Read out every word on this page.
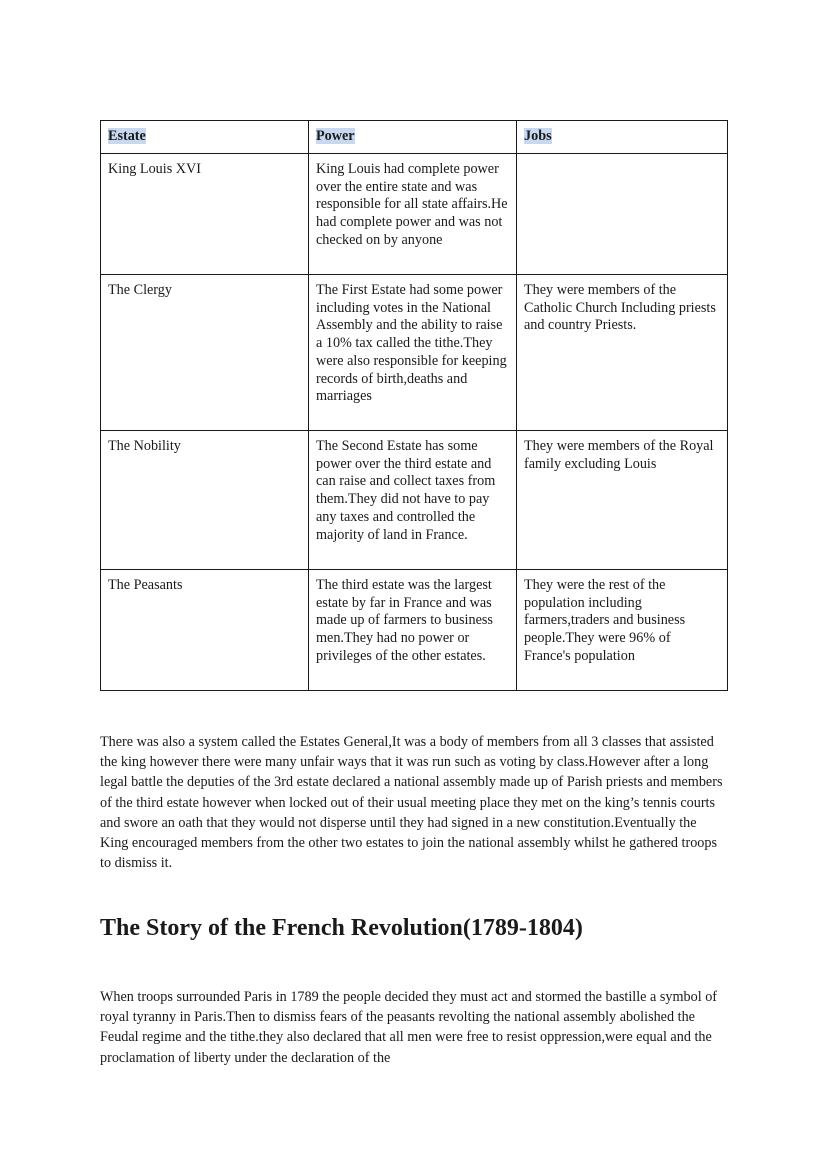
Estate	Power	Jobs
King Louis XVI	King Louis had complete power over the entire state and was responsible for all state affairs.He had complete power and was not checked on by anyone	
The Clergy	The First Estate had some power including votes in the National Assembly and the ability to raise a 10% tax called the tithe.They were also responsible for keeping records of birth,deaths and marriages	They were members of the Catholic Church Including priests and country Priests.
The Nobility	The Second Estate has some power over the third estate and can raise and collect taxes from them.They did not have to pay any taxes and controlled the majority of land in France.	They were members of the Royal family excluding Louis
The Peasants	The third estate was the largest estate by far in France and was made up of farmers to business men.They had no power or privileges of the other estates.	They were the rest of the population including farmers,traders and business people.They were 96% of France's population

There was also a system called the Estates General,It was a body of members from all 3 classes that assisted the king however there were many unfair ways that it was run such as voting by class.However after a long legal battle the deputies of the 3rd estate declared a national assembly made up of Parish priests and members of the third estate however when locked out of their usual meeting place they met on the king’s tennis courts and swore an oath that they would not disperse until they had signed in a new constitution.Eventually the King encouraged members from the other two estates to join the national assembly whilst he gathered troops to dismiss it.

The Story of the French Revolution(1789-1804)

When troops surrounded Paris in 1789 the people decided they must act and stormed the bastille a symbol of royal tyranny in Paris.Then to dismiss fears of the peasants revolting the national assembly abolished the Feudal regime and the tithe.they also declared that all men were free to resist oppression,were equal and the proclamation of liberty under the declaration of the
